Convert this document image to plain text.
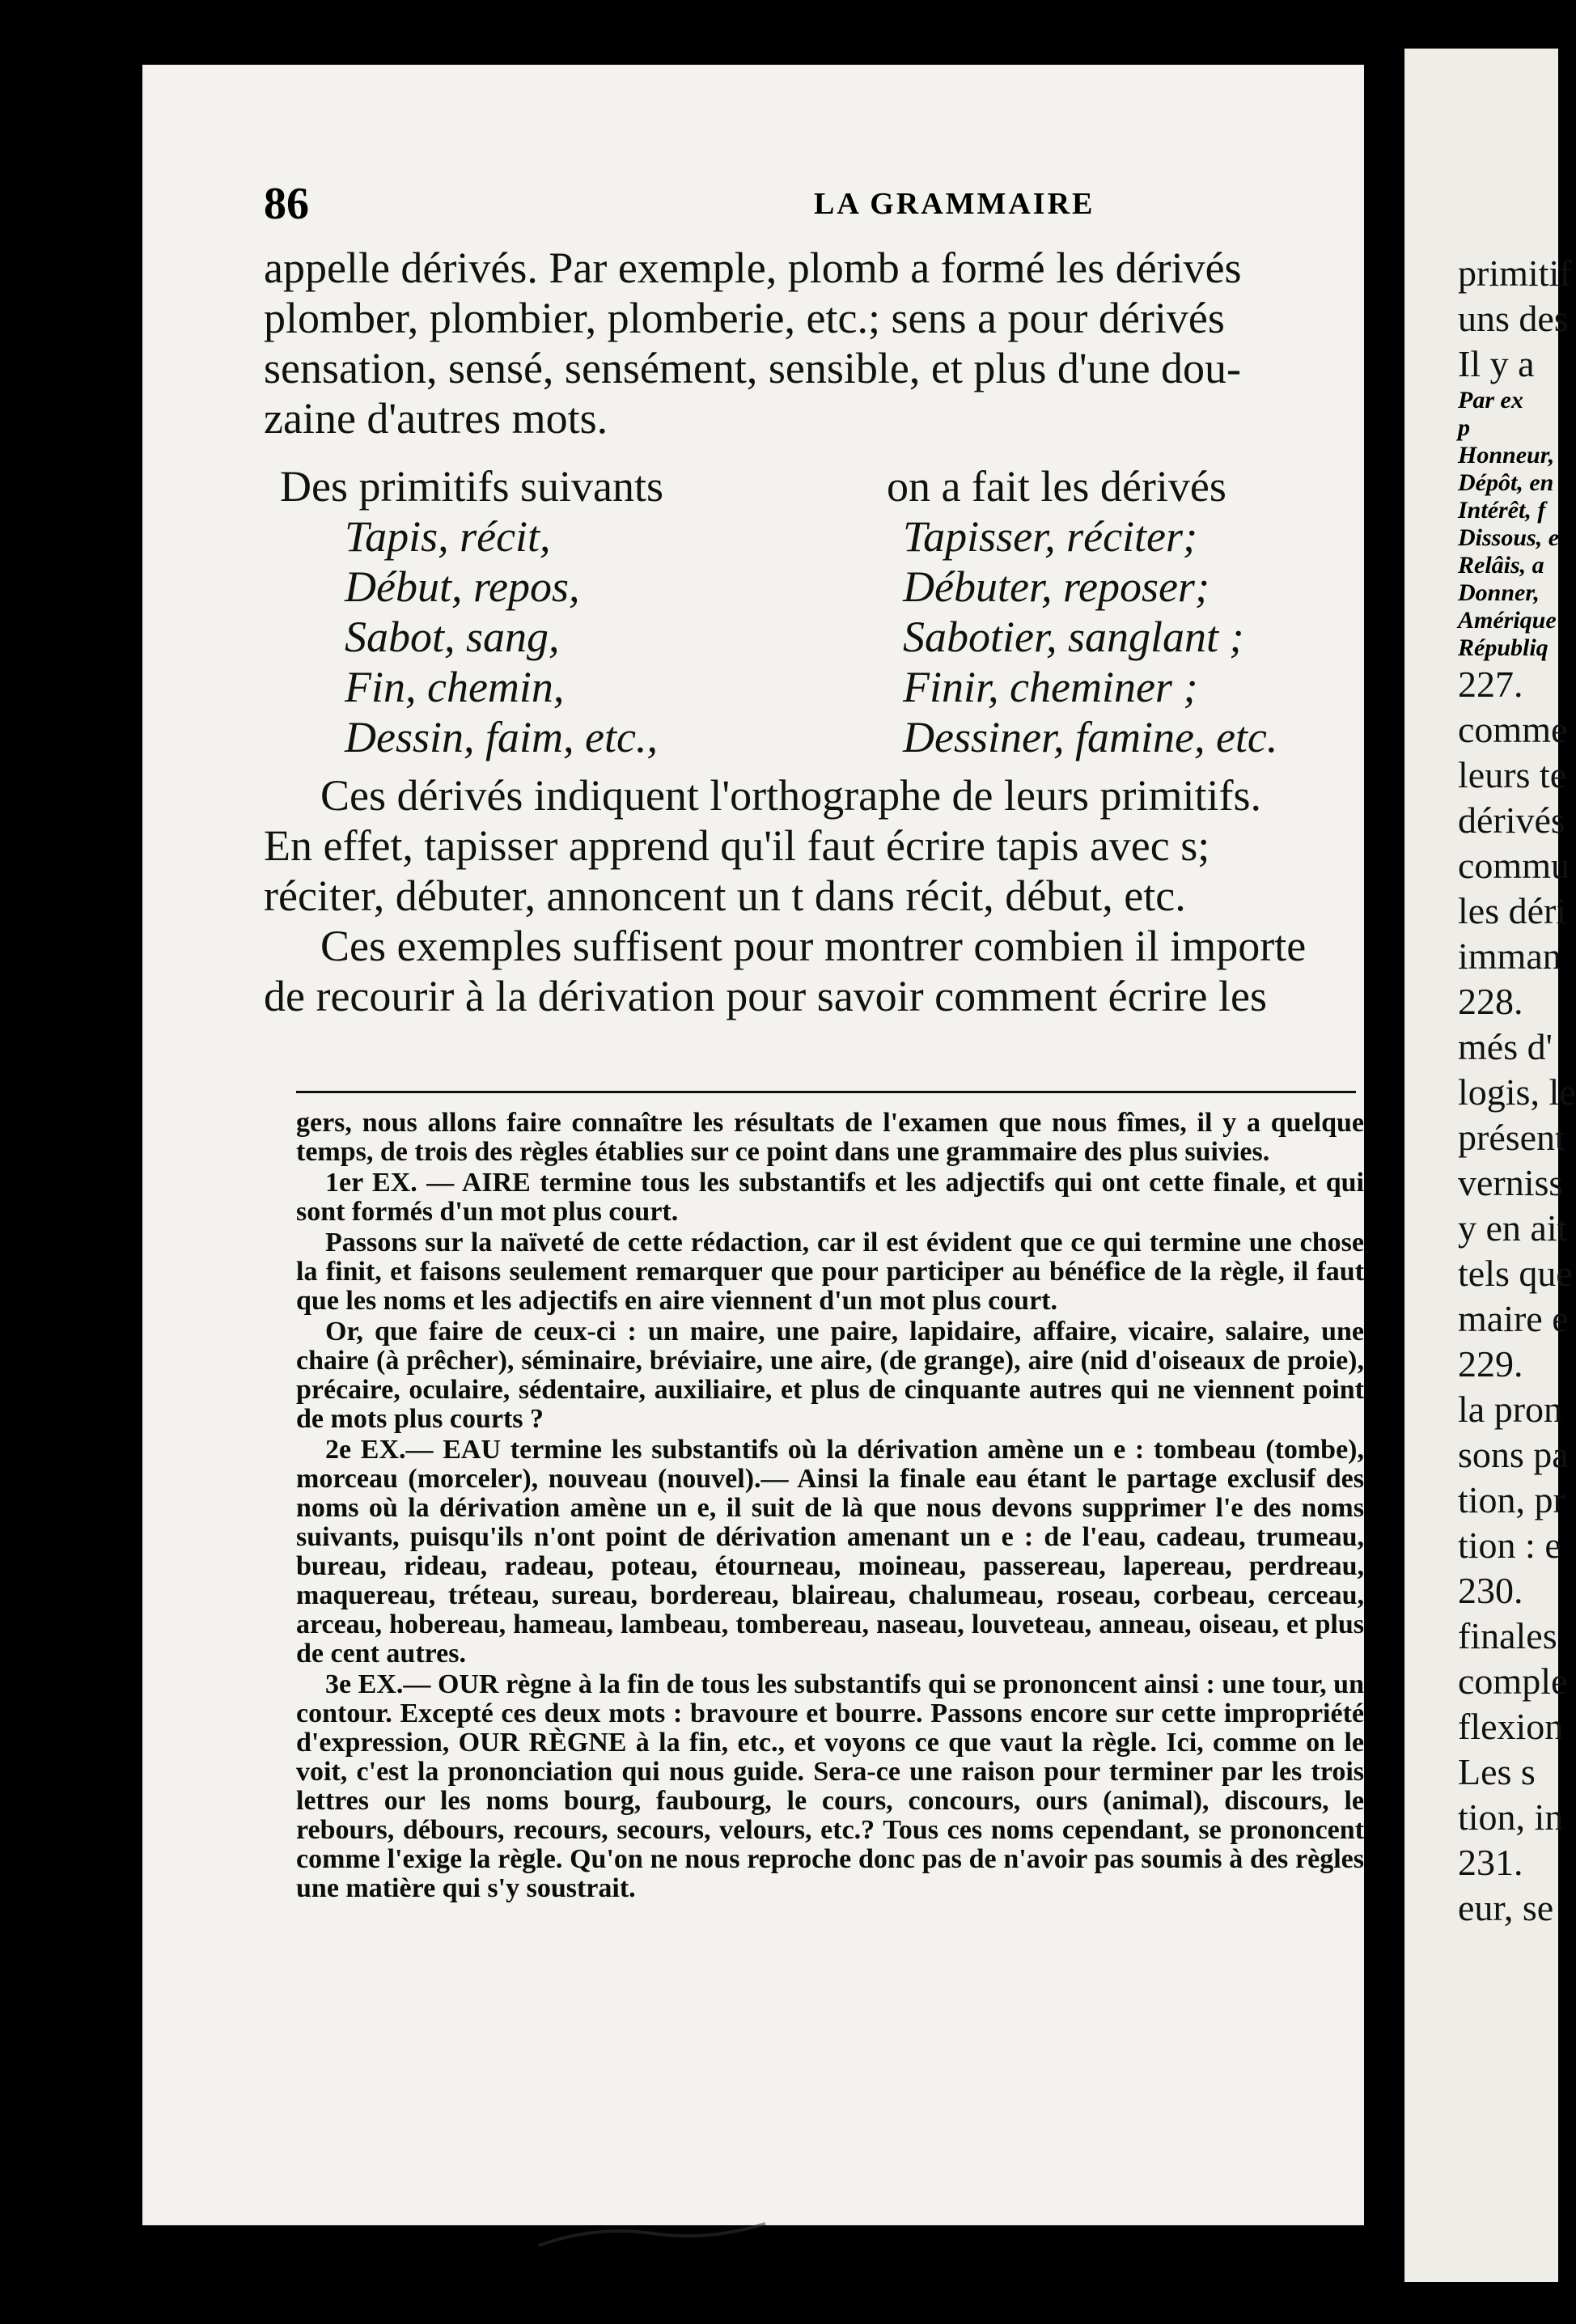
86	LA GRAMMAIRE

appelle dérivés. Par exemple, plomb a formé les dérivés
plomber, plombier, plomberie, etc.; sens a pour dérivés
sensation, sensé, sensément, sensible, et plus d'une dou-
zaine d'autres mots.

Des primitifs suivants
Tapis, récit,
Début, repos,
Sabot, sang,
Fin, chemin,
Dessin, faim, etc.,
on a fait les dérivés
Tapisser, réciter;
Débuter, reposer;
Sabotier, sanglant ;
Finir, cheminer ;
Dessiner, famine, etc.

Ces dérivés indiquent l'orthographe de leurs primitifs.
En effet, tapisser apprend qu'il faut écrire tapis avec s;
réciter, débuter, annoncent un t dans récit, début, etc.

Ces exemples suffisent pour montrer combien il importe
de recourir à la dérivation pour savoir comment écrire les

gers, nous allons faire connaître les résultats de l'examen que nous fîmes, il y a quelque temps, de trois des règles établies sur ce point dans une grammaire des plus suivies.

1er EX. — AIRE termine tous les substantifs et les adjectifs qui ont cette finale, et qui sont formés d'un mot plus court.

Passons sur la naïveté de cette rédaction, car il est évident que ce qui termine une chose la finit, et faisons seulement remarquer que pour participer au bénéfice de la règle, il faut que les noms et les adjectifs en aire viennent d'un mot plus court.

Or, que faire de ceux-ci : un maire, une paire, lapidaire, affaire, vicaire, salaire, une chaire (à prêcher), séminaire, bréviaire, une aire, (de grange), aire (nid d'oiseaux de proie), précaire, oculaire, sédentaire, auxiliaire, et plus de cinquante autres qui ne viennent point de mots plus courts ?

2e EX.— EAU termine les substantifs où la dérivation amène un e : tombeau (tombe), morceau (morceler), nouveau (nouvel).— Ainsi la finale eau étant le partage exclusif des noms où la dérivation amène un e, il suit de là que nous devons supprimer l'e des noms suivants, puisqu'ils n'ont point de dérivation amenant un e : de l'eau, cadeau, trumeau, bureau, rideau, radeau, poteau, étourneau, moineau, passereau, lapereau, perdreau, maquereau, tréteau, sureau, bordereau, blaireau, chalumeau, roseau, corbeau, cerceau, arceau, hobereau, hameau, lambeau, tombereau, naseau, louveteau, anneau, oiseau, et plus de cent autres.

3e EX.— OUR règne à la fin de tous les substantifs qui se prononcent ainsi : une tour, un contour. Excepté ces deux mots : bravoure et bourre. Passons encore sur cette impropriété d'expression, OUR RÈGNE à la fin, etc., et voyons ce que vaut la règle. Ici, comme on le voit, c'est la prononciation qui nous guide. Sera-ce une raison pour terminer par les trois lettres our les noms bourg, faubourg, le cours, concours, ours (animal), discours, le rebours, débours, recours, secours, velours, etc.? Tous ces noms cependant, se prononcent comme l'exige la règle. Qu'on ne nous reproche donc pas de n'avoir pas soumis à des règles une matière qui s'y soustrait.

primitif
uns des
Il y a
Par ex
p
Honneur,
Dépôt, en
Intérêt, f
Dissous, e
Relâis, a
Donner,
Amérique
Républiq
227.
comme
leurs te
dérivés
commu
les déri
imman
228.
més d'
logis, le
présent
verniss
y en ait
tels que
maire e
229.
la pron
sons pa
tion, pr
tion : e
230.
finales
comple
flexion
Les s
tion, in
231.
eur, se
